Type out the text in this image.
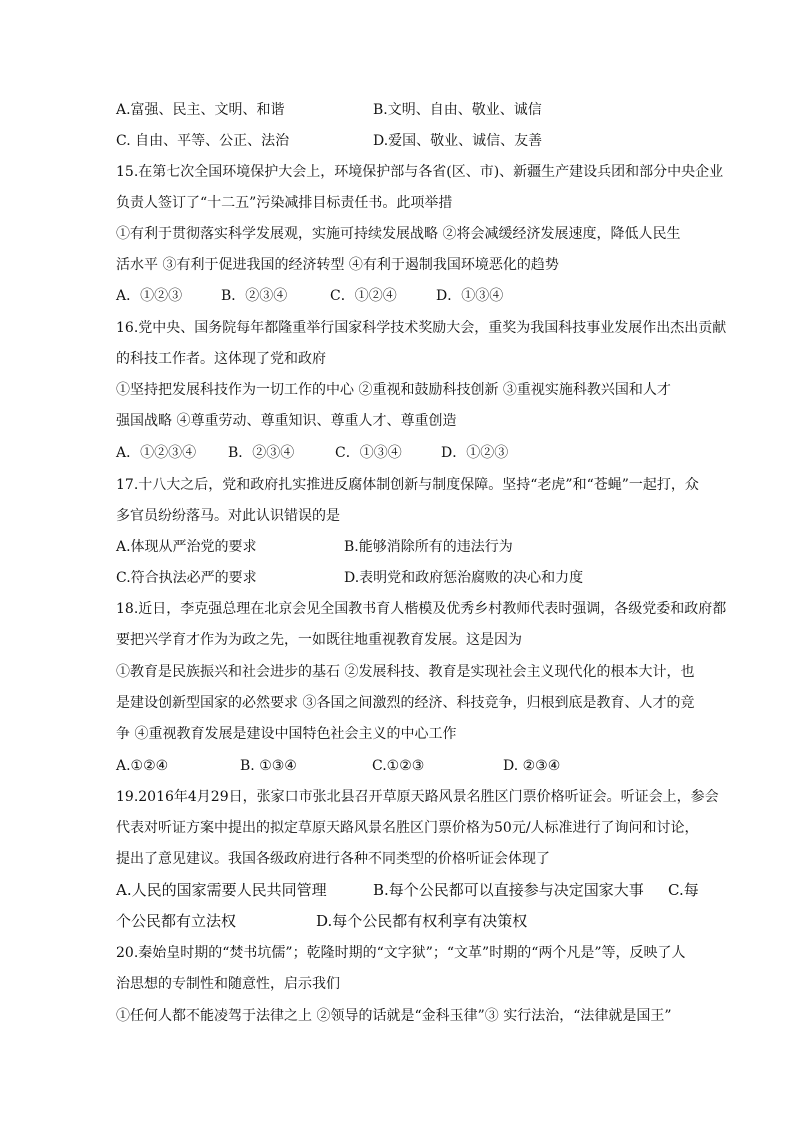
A.富强、民主、文明、和谐	B.文明、自由、敬业、诚信
C. 自由、平等、公正、法治	D.爱国、敬业、诚信、友善
15.在第七次全国环境保护大会上，环境保护部与各省(区、市)、新疆生产建设兵团和部分中央企业
负责人签订了“十二五”污染减排目标责任书。此项举措
①有利于贯彻落实科学发展观，实施可持续发展战略 ②将会减缓经济发展速度，降低人民生
活水平 ③有利于促进我国的经济转型 ④有利于遏制我国环境恶化的趋势
A．①②③	B．②③④	C．①②④	D．①③④
16.党中央、国务院每年都隆重举行国家科学技术奖励大会，重奖为我国科技事业发展作出杰出贡献
的科技工作者。这体现了党和政府
①坚持把发展科技作为一切工作的中心 ②重视和鼓励科技创新 ③重视实施科教兴国和人才
强国战略 ④尊重劳动、尊重知识、尊重人才、尊重创造
A．①②③④ B．②③④	C．①③④	D．①②③
17.十八大之后，党和政府扎实推进反腐体制创新与制度保障。坚持“老虎”和“苍蝇”一起打，众
多官员纷纷落马。对此认识错误的是
A.体现从严治党的要求	B.能够消除所有的违法行为
C.符合执法必严的要求	D.表明党和政府惩治腐败的决心和力度
18.近日，李克强总理在北京会见全国教书育人楷模及优秀乡村教师代表时强调，各级党委和政府都
要把兴学育才作为为政之先，一如既往地重视教育发展。这是因为
①教育是民族振兴和社会进步的基石 ②发展科技、教育是实现社会主义现代化的根本大计，也
是建设创新型国家的必然要求 ③各国之间激烈的经济、科技竞争，归根到底是教育、人才的竞
争 ④重视教育发展是建设中国特色社会主义的中心工作
A.①②④	B. ①③④	C.①②③	D. ②③④
19.2016年4月29日，张家口市张北县召开草原天路风景名胜区门票价格听证会。听证会上，参会
代表对听证方案中提出的拟定草原天路风景名胜区门票价格为50元/人标准进行了询问和讨论，
提出了意见建议。我国各级政府进行各种不同类型的价格听证会体现了
A.人民的国家需要人民共同管理	B.每个公民都可以直接参与决定国家大事 C.每
个公民都有立法权	D.每个公民都有权利享有决策权
20.秦始皇时期的“焚书坑儒”；乾隆时期的“文字狱”；“文革”时期的“两个凡是”等，反映了人
治思想的专制性和随意性，启示我们
①任何人都不能凌驾于法律之上 ②领导的话就是“金科玉律”③ 实行法治，“法律就是国王”
